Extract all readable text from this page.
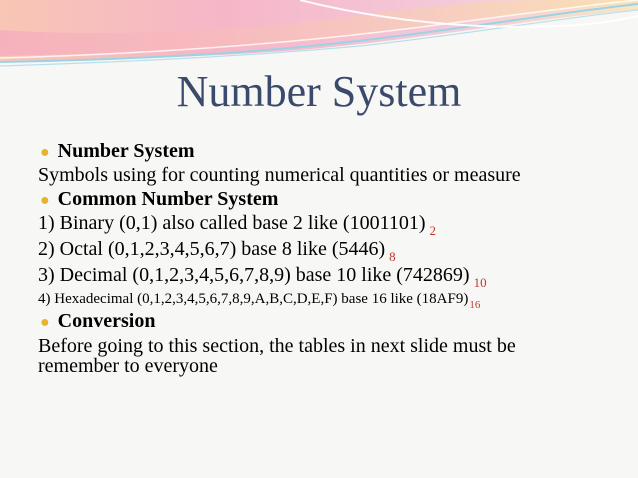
Number System
● Number System
Symbols using for counting numerical quantities or measure
● Common Number System
1) Binary (0,1) also called base 2 like (1001101) $_2$
2) Octal (0,1,2,3,4,5,6,7) base 8 like (5446) $_8$
3) Decimal (0,1,2,3,4,5,6,7,8,9) base 10 like (742869) $_{10}$
4) Hexadecimal (0,1,2,3,4,5,6,7,8,9,A,B,C,D,E,F) base 16 like $(18AF9)_{16}$
● Conversion
Before going to this section, the tables in next slide must be
remember to everyone
